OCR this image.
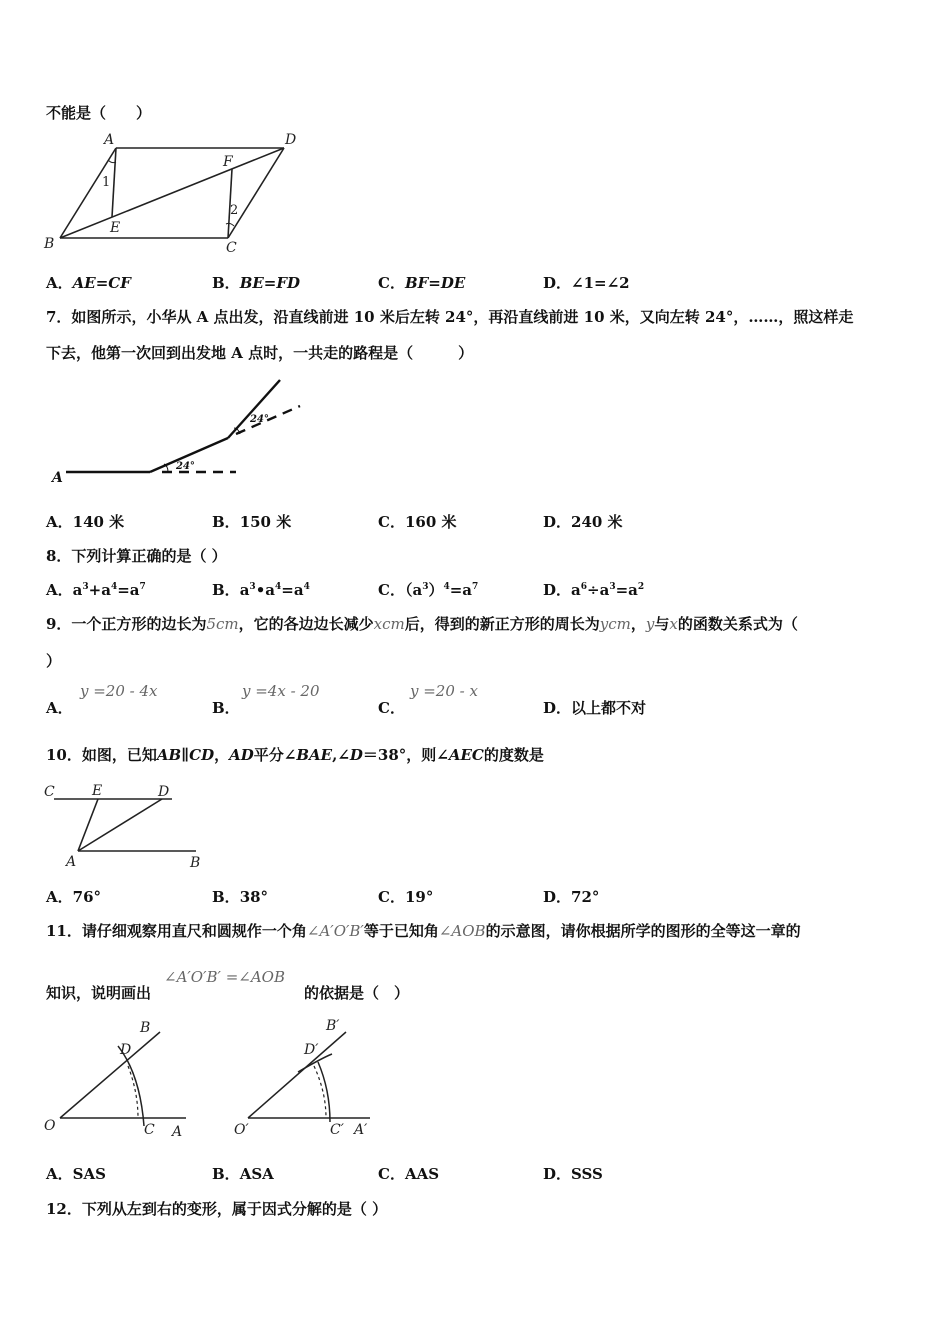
不能是（　　）
A	D
B	C
E
F
1
2
A．AE=CF	B．BE=FD	C．BF=DE	D．∠1=∠2
7．如图所示，小华从 A 点出发，沿直线前进 10 米后左转 24°，再沿直线前进 10 米，又向左转 24°，……，照这样走
下去，他第一次回到出发地 A 点时，一共走的路程是（　　　）
A
24°
24°
A．140 米	B．150 米	C．160 米	D．240 米
8．下列计算正确的是（ ）
A．$a^3+a^4=a^7$	B．$a^3•a^4=a^4$	C．$(a^3)^4=a^7$	D．$a^6\div a^3=a^2$
9．一个正方形的边长为5cm，它的各边边长减少xcm后，得到的新正方形的周长为ycm，y与x的函数关系式为（
）
A．
y =20 - 4x
B．
y =4x - 20
C．
y =20 - x
D．以上都不对
10．如图，已知AB∥CD，AD平分∠BAE,∠D＝38°，则∠AEC的度数是
C	E	D
A	B
A．76°	B．38°	C．19°	D．72°
11．请仔细观察用直尺和圆规作一个角∠A′O′B′等于已知角∠AOB的示意图，请你根据所学的图形的全等这一章的
知识，说明画出
∠A′O′B′ =∠AOB
的依据是（　）
O	C A
D
B
O′	C′ A′
D′
B′
A．SAS	B．ASA	C．AAS	D．SSS
12．下列从左到右的变形，属于因式分解的是（ ）
